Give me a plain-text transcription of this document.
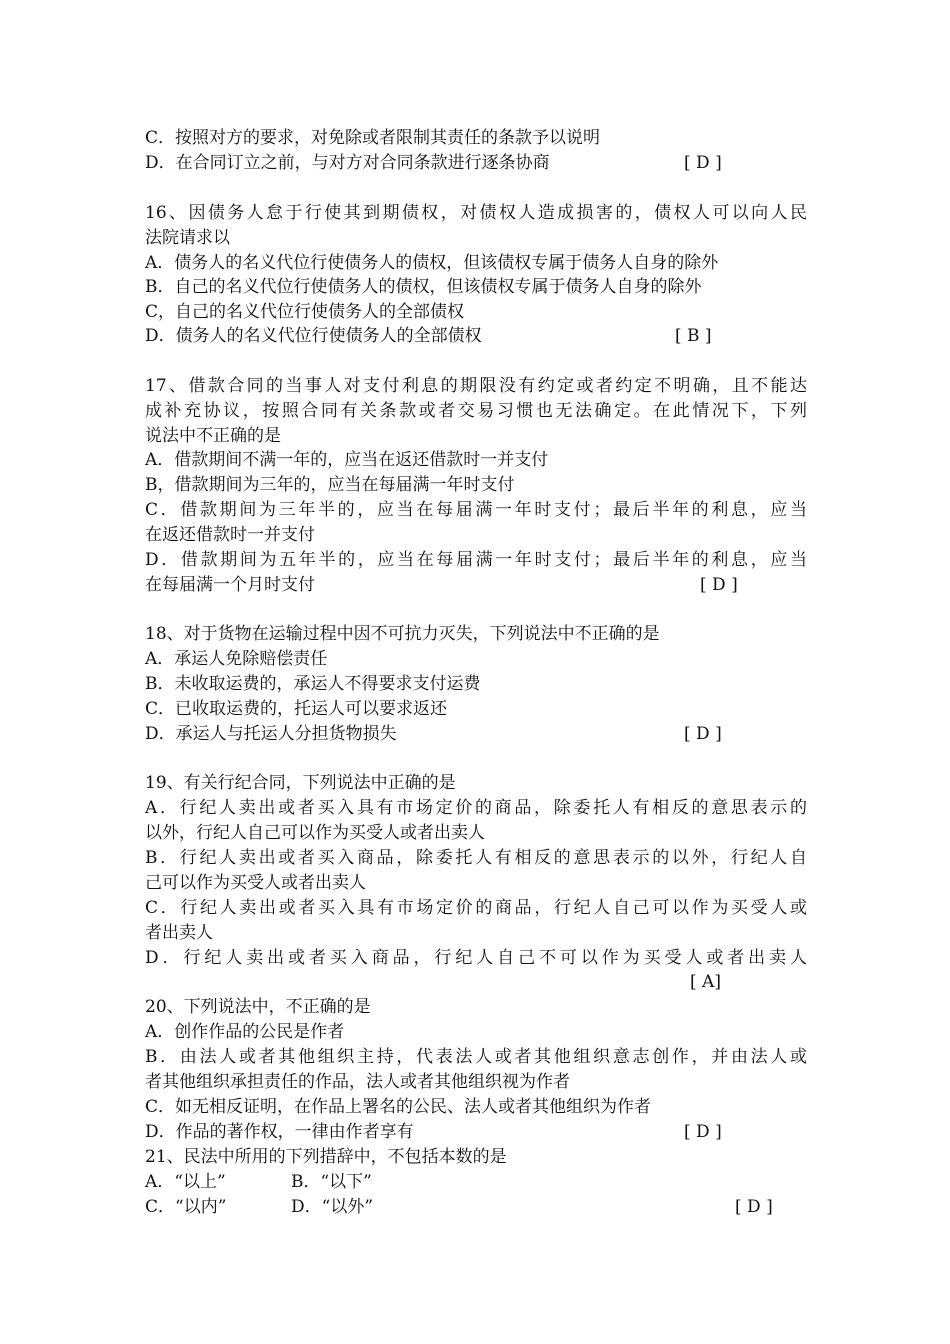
C．按照对方的要求，对免除或者限制其责任的条款予以说明
D．在合同订立之前，与对方对合同条款进行逐条协商	[ D ]
16、因债务人怠于行使其到期债权，对债权人造成损害的，债权人可以向人民
法院请求以
A．债务人的名义代位行使债务人的债权，但该债权专属于债务人自身的除外
B．自己的名义代位行使债务人的债权，但该债权专属于债务人自身的除外
C，自己的名义代位行使债务人的全部债权
D．债务人的名义代位行使债务人的全部债权	[ B ]
17、借款合同的当事人对支付利息的期限没有约定或者约定不明确，且不能达
成补充协议，按照合同有关条款或者交易习惯也无法确定。在此情况下，下列
说法中不正确的是
A．借款期间不满一年的，应当在返还借款时一并支付
B，借款期间为三年的，应当在每届满一年时支付
C．借款期间为三年半的，应当在每届满一年时支付；最后半年的利息，应当
在返还借款时一并支付
D．借款期间为五年半的，应当在每届满一年时支付；最后半年的利息，应当
在每届满一个月时支付	[ D ]
18、对于货物在运输过程中因不可抗力灭失，下列说法中不正确的是
A．承运人免除赔偿责任
B．未收取运费的，承运人不得要求支付运费
C．已收取运费的，托运人可以要求返还
D．承运人与托运人分担货物损失	[ D ]
19、有关行纪合同，下列说法中正确的是
A．行纪人卖出或者买入具有市场定价的商品，除委托人有相反的意思表示的
以外，行纪人自己可以作为买受人或者出卖人
B．行纪人卖出或者买入商品，除委托人有相反的意思表示的以外，行纪人自
己可以作为买受人或者出卖人
C．行纪人卖出或者买入具有市场定价的商品，行纪人自己可以作为买受人或
者出卖人
D．行纪人卖出或者买入商品，行纪人自己不可以作为买受人或者出卖人
[ A]
20、下列说法中，不正确的是
A．创作作品的公民是作者
B．由法人或者其他组织主持，代表法人或者其他组织意志创作，并由法人或
者其他组织承担责任的作品，法人或者其他组织视为作者
C．如无相反证明，在作品上署名的公民、法人或者其他组织为作者
D．作品的著作权，一律由作者享有	[ D ]
21、民法中所用的下列措辞中，不包括本数的是
A．“以上”	B．“以下”
C．“以内”	D．“以外”	[ D ]
